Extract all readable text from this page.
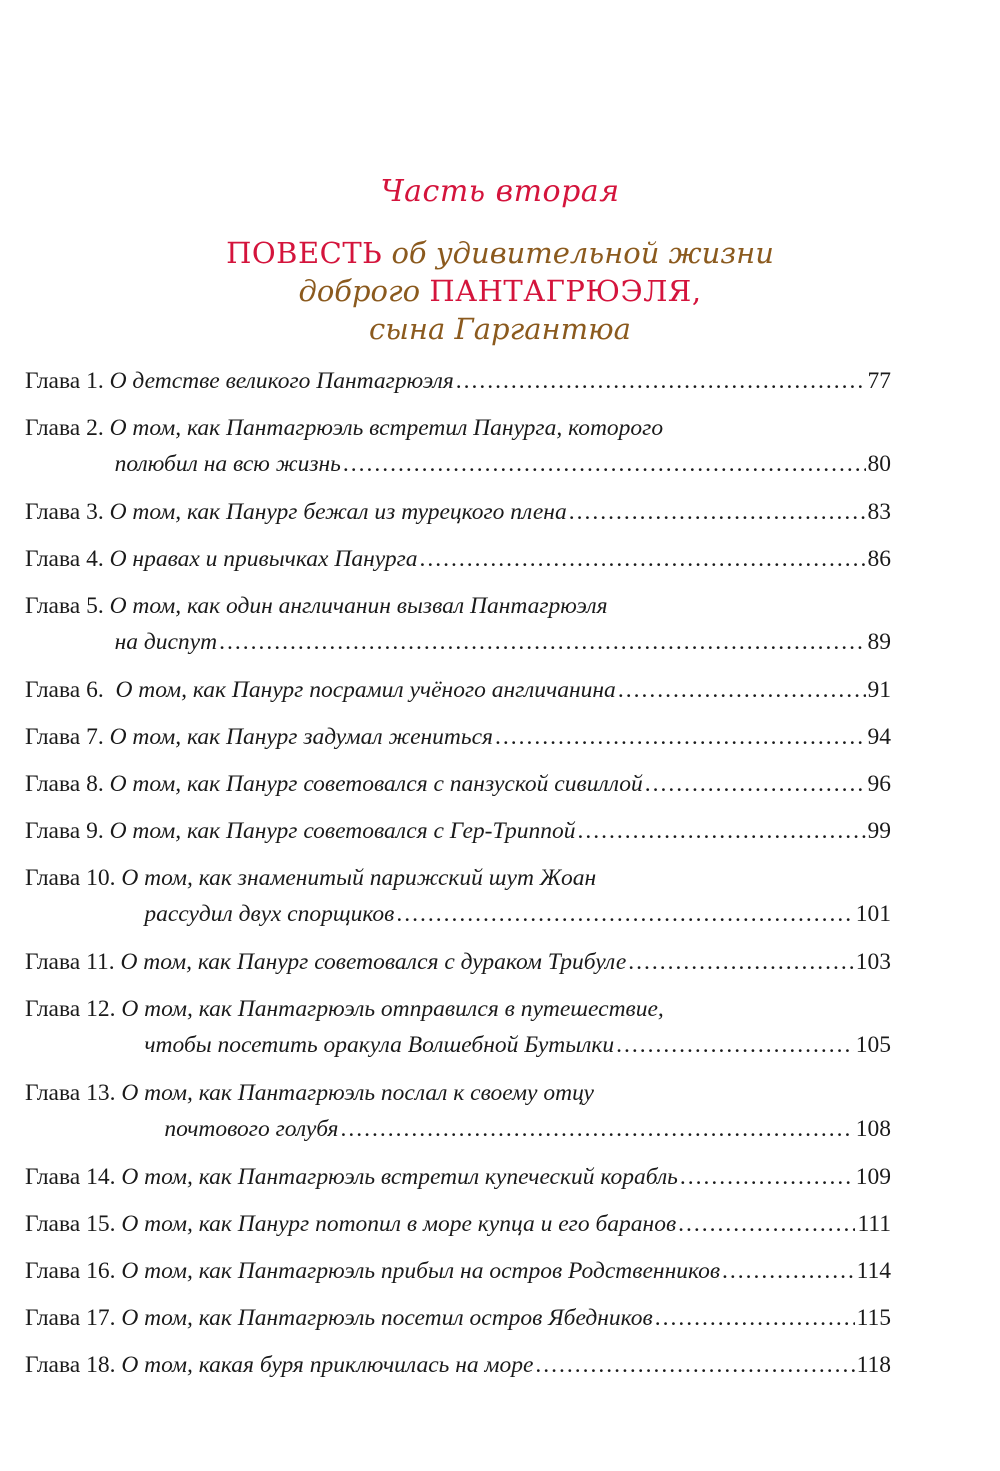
Часть вторая
ПОВЕСТЬ об удивительной жизни
доброго ПАНТАГРЮЭЛЯ,
сына Гаргантюа
Глава 1. О детстве великого Пантагрюэля .....	77
Глава 2. О том, как Пантагрюэль встретил Панурга, которого
полюбил на всю жизнь .....	80
Глава 3. О том, как Панург бежал из турецкого плена .....	83
Глава 4. О нравах и привычках Панурга .....	86
Глава 5. О том, как один англичанин вызвал Пантагрюэля
на диспут .....	89
Глава 6. О том, как Панург посрамил учёного англичанина .....	91
Глава 7. О том, как Панург задумал жениться .....	94
Глава 8. О том, как Панург советовался с панзуской сивиллой .....	96
Глава 9. О том, как Панург советовался с Гер-Триппой .....	99
Глава 10. О том, как знаменитый парижский шут Жоан
рассудил двух спорщиков .....	101
Глава 11. О том, как Панург советовался с дураком Трибуле .....	103
Глава 12. О том, как Пантагрюэль отправился в путешествие,
чтобы посетить оракула Волшебной Бутылки .....	105
Глава 13. О том, как Пантагрюэль послал к своему отцу
почтового голубя .....	108
Глава 14. О том, как Пантагрюэль встретил купеческий корабль .....	109
Глава 15. О том, как Панург потопил в море купца и его баранов .....	111
Глава 16. О том, как Пантагрюэль прибыл на остров Родственников .....	114
Глава 17. О том, как Пантагрюэль посетил остров Ябедников .....	115
Глава 18. О том, какая буря приключилась на море .....	118
